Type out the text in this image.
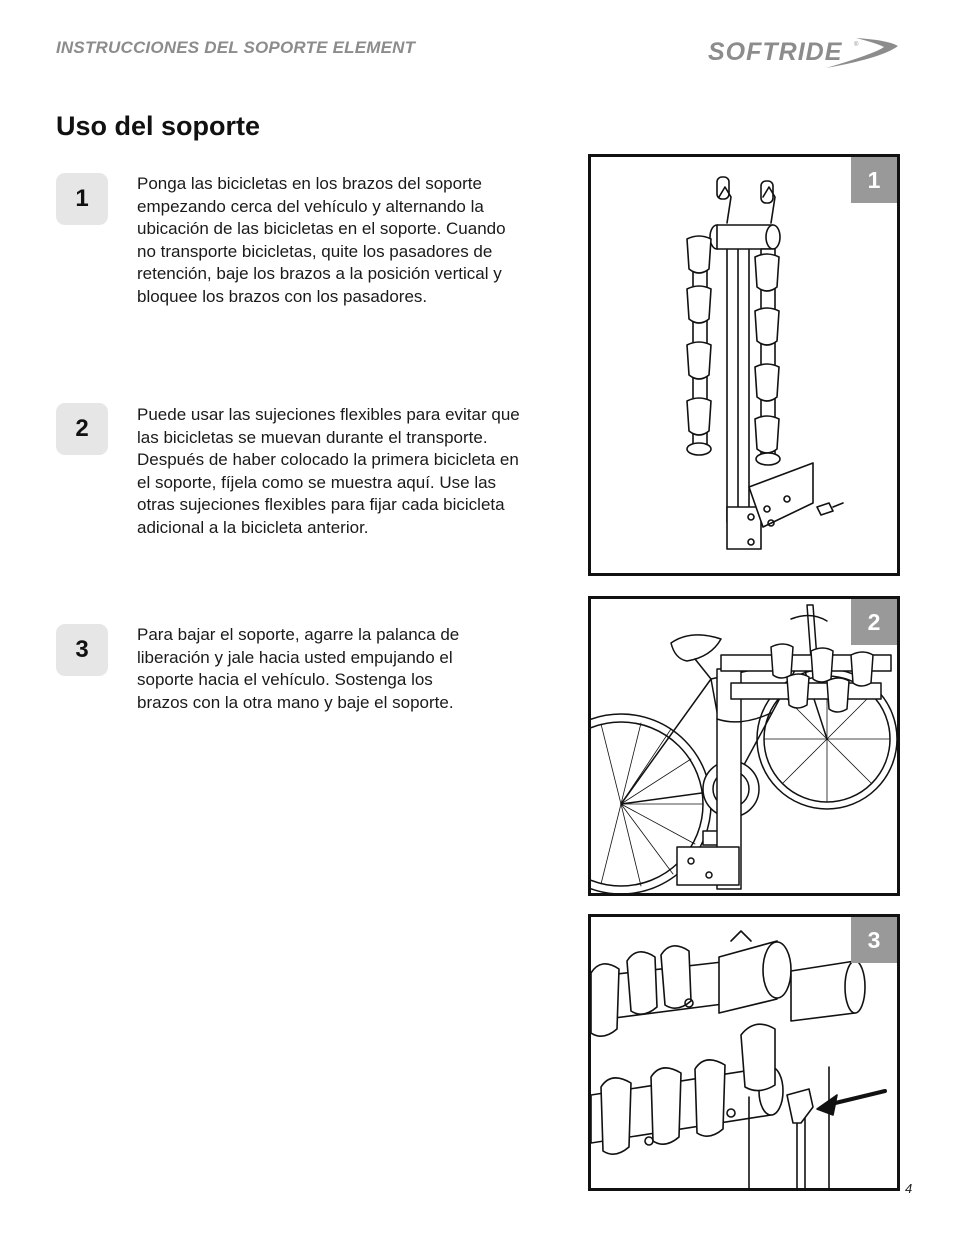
INSTRUCCIONES DEL SOPORTE ELEMENT	SOFTRIDE ®
Uso del soporte
1

Ponga las bicicletas en los brazos del soporte empezando cerca del vehículo y alternando la ubicación de las bicicletas en el soporte. Cuando no transporte bicicletas, quite los pasadores de retención, baje los brazos a la posición vertical y bloquee los brazos con los pasadores.

2

Puede usar las sujeciones flexibles para evitar que las bicicletas se muevan durante el transporte. Después de haber colocado la primera bicicleta en el soporte, fíjela como se muestra aquí. Use las otras sujeciones flexibles para fijar cada bicicleta adicional a la bicicleta anterior.

3

Para bajar el soporte, agarre la palanca de liberación y jale hacia usted empujando el soporte hacia el vehículo. Sostenga los brazos con la otra mano y baje el soporte.

1
2
3
4
